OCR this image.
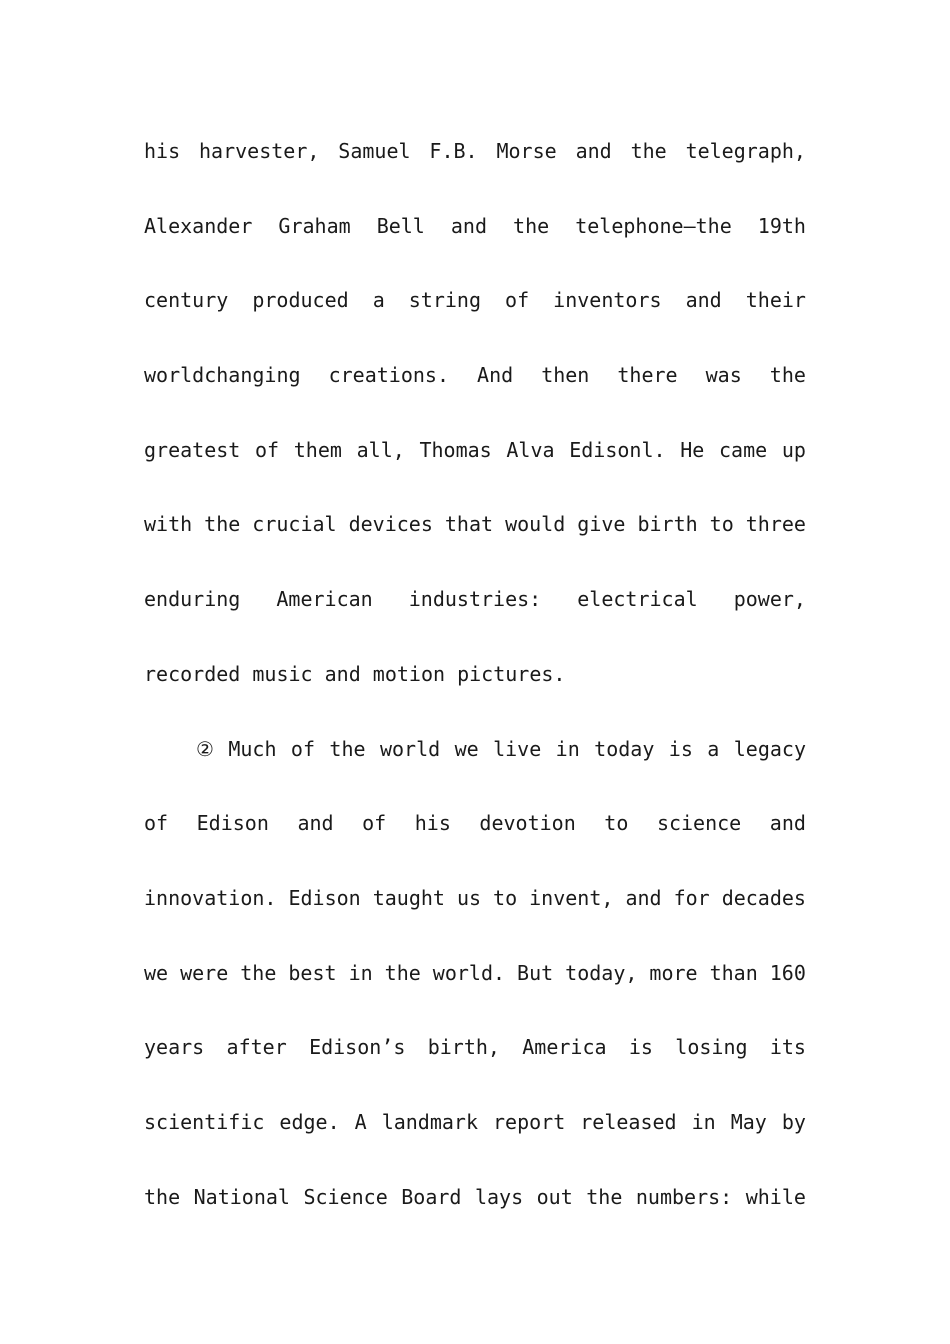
his harvester, Samuel F.B. Morse and the telegraph,
Alexander Graham Bell and the telephone—the 19th
century produced a string of inventors and their
worldchanging creations. And then there was the
greatest of them all, Thomas Alva Edisonl. He came up
with the crucial devices that would give birth to three
enduring American industries: electrical power,
recorded music and motion pictures.
② Much of the world we live in today is a legacy
of Edison and of his devotion to science and
innovation. Edison taught us to invent, and for decades
we were the best in the world. But today, more than 160
years after Edison’s birth, America is losing its
scientific edge. A landmark report released in May by
the National Science Board lays out the numbers: while
